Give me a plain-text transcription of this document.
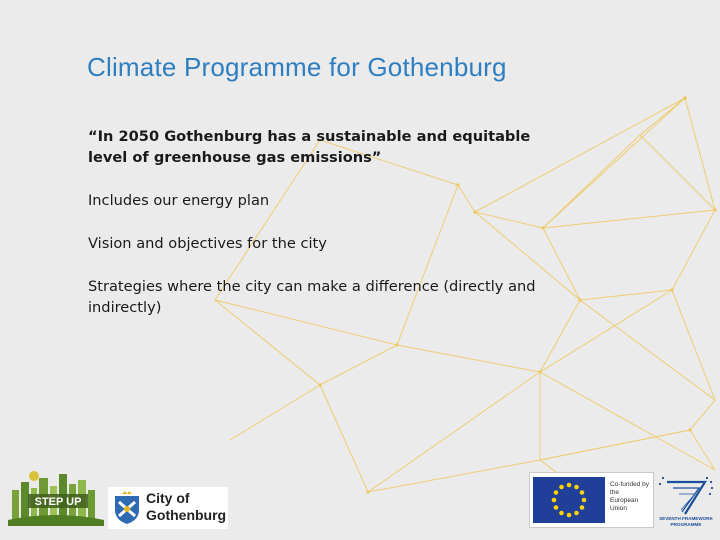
Climate Programme for Gothenburg

“In 2050 Gothenburg has a sustainable and equitable level of greenhouse gas emissions”

Includes our energy plan

Vision and objectives for the city

Strategies where the city can make a difference (directly and indirectly)

STEP UP	City of
Gothenburg
Co-funded by the
European Union
SEVENTH FRAMEWORK
PROGRAMME
